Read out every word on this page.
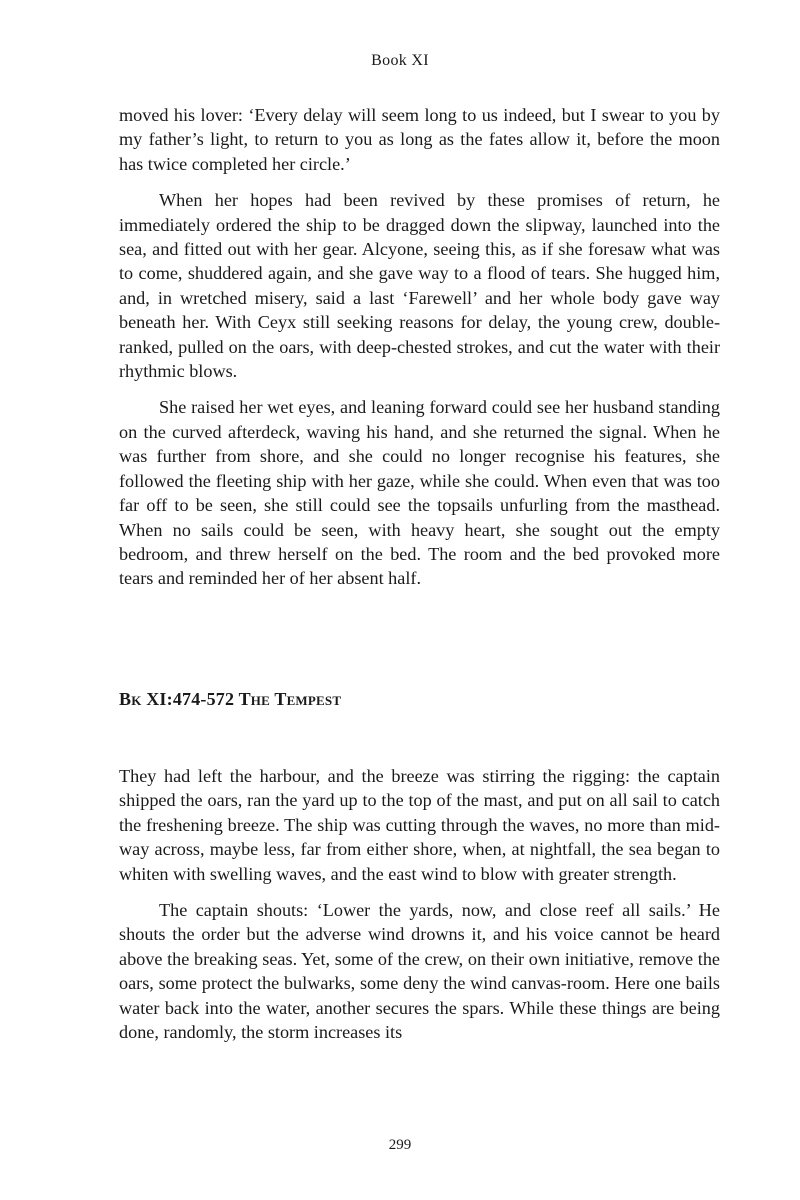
Book XI

moved his lover: ‘Every delay will seem long to us indeed, but I swear to you by my father’s light, to return to you as long as the fates allow it, before the moon has twice completed her circle.’

When her hopes had been revived by these promises of return, he immediately ordered the ship to be dragged down the slipway, launched into the sea, and fitted out with her gear. Alcyone, seeing this, as if she foresaw what was to come, shuddered again, and she gave way to a flood of tears. She hugged him, and, in wretched misery, said a last ‘Farewell’ and her whole body gave way beneath her. With Ceyx still seeking reasons for delay, the young crew, double-ranked, pulled on the oars, with deep-chested strokes, and cut the water with their rhythmic blows.

She raised her wet eyes, and leaning forward could see her husband standing on the curved afterdeck, waving his hand, and she returned the signal. When he was further from shore, and she could no longer recognise his features, she followed the fleeting ship with her gaze, while she could. When even that was too far off to be seen, she still could see the topsails unfurling from the masthead. When no sails could be seen, with heavy heart, she sought out the empty bedroom, and threw herself on the bed. The room and the bed provoked more tears and reminded her of her absent half.

Bk XI:474-572 The Tempest

They had left the harbour, and the breeze was stirring the rigging: the captain shipped the oars, ran the yard up to the top of the mast, and put on all sail to catch the freshening breeze. The ship was cutting through the waves, no more than mid-way across, maybe less, far from either shore, when, at nightfall, the sea began to whiten with swelling waves, and the east wind to blow with greater strength.

The captain shouts: ‘Lower the yards, now, and close reef all sails.’ He shouts the order but the adverse wind drowns it, and his voice cannot be heard above the breaking seas. Yet, some of the crew, on their own initiative, remove the oars, some protect the bulwarks, some deny the wind canvas-room. Here one bails water back into the water, another secures the spars. While these things are being done, randomly, the storm increases its

299
